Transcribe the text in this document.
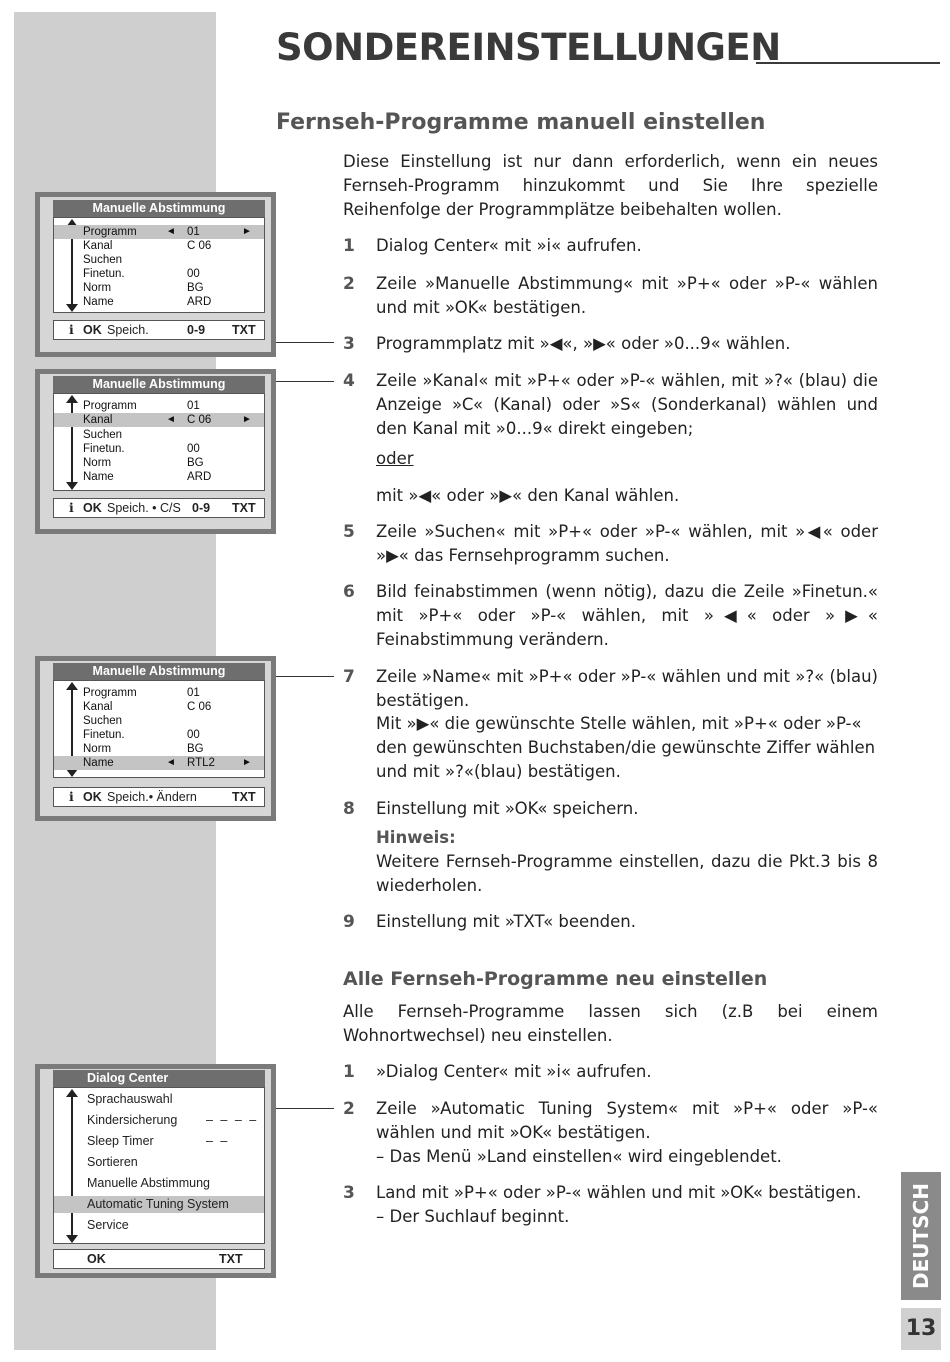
SONDEREINSTELLUNGEN
Fernseh-Programme manuell einstellen
Diese Einstellung ist nur dann erforderlich, wenn ein neues Fernseh-Programm hinzukommt und Sie Ihre spezielle Reihenfolge der Programmplätze beibehalten wollen.
1 Dialog Center« mit »i« aufrufen.
2 Zeile »Manuelle Abstimmung« mit »P+« oder »P-« wählen und mit »OK« bestätigen.
3 Programmplatz mit »◀«, »▶« oder »0...9« wählen.
4 Zeile »Kanal« mit »P+« oder »P-« wählen, mit »?« (blau) die Anzeige »C« (Kanal) oder »S« (Sonderkanal) wählen und den Kanal mit »0...9« direkt eingeben;
oder
mit »◀« oder »▶« den Kanal wählen.
5 Zeile »Suchen« mit »P+« oder »P-« wählen, mit »◀« oder »▶« das Fernsehprogramm suchen.
6 Bild feinabstimmen (wenn nötig), dazu die Zeile »Finetun.« mit »P+« oder »P-« wählen, mit »◀« oder »▶« Feinabstimmung verändern.
7 Zeile »Name« mit »P+« oder »P-« wählen und mit »?« (blau) bestätigen.
Mit »▶« die gewünschte Stelle wählen, mit »P+« oder »P-« den gewünschten Buchstaben/die gewünschte Ziffer wählen und mit »?«(blau) bestätigen.
8 Einstellung mit »OK« speichern.
Hinweis:
Weitere Fernseh-Programme einstellen, dazu die Pkt.3 bis 8 wiederholen.
9 Einstellung mit »TXT« beenden.
Alle Fernseh-Programme neu einstellen
Alle Fernseh-Programme lassen sich (z.B bei einem Wohnortwechsel) neu einstellen.
1 »Dialog Center« mit »i« aufrufen.
2 Zeile »Automatic Tuning System« mit »P+« oder »P-« wählen und mit »OK« bestätigen.
– Das Menü »Land einstellen« wird eingeblendet.
3 Land mit »P+« oder »P-« wählen und mit »OK« bestätigen.
– Der Suchlauf beginnt.
Manuelle Abstimmung
Programm	◄ 01	►
Kanal	C 06
Suchen
Finetun.	00
Norm	BG
Name	ARD
i OK Speich.	0-9 TXT
Manuelle Abstimmung
Programm	01
Kanal	◄ C 06	►
Suchen
Finetun.	00
Norm	BG
Name	ARD
i OK Speich. • C/S 0-9 TXT
Manuelle Abstimmung
Programm	01
Kanal	C 06
Suchen
Finetun.	00
Norm	BG
Name	◄ RTL2	►
i OK Speich.• Ändern	TXT
Dialog Center
Sprachauswahl
Kindersicherung – – – –
Sleep Timer	– –
Sortieren
Manuelle Abstimmung
Automatic Tuning System
Service
OK	TXT	DEUTSCH
13
